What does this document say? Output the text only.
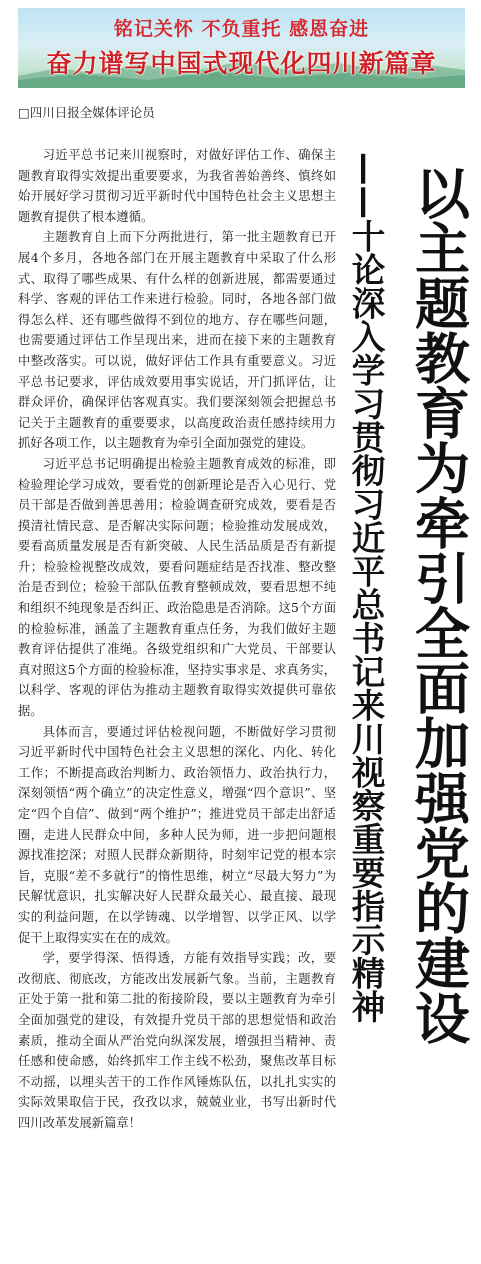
铭记关怀 不负重托 感恩奋进
奋力谱写中国式现代化四川新篇章
□四川日报全媒体评论员
以主题教育为牵引全面加强党的建设
——十论深入学习贯彻习近平总书记来川视察重要指示精神

习近平总书记来川视察时，对做好评估工作、确保主题教育取得实效提出重要要求，为我省善始善终、慎终如始开展好学习贯彻习近平新时代中国特色社会主义思想主题教育提供了根本遵循。

主题教育自上而下分两批进行，第一批主题教育已开展4个多月，各地各部门在开展主题教育中采取了什么形式、取得了哪些成果、有什么样的创新进展，都需要通过科学、客观的评估工作来进行检验。同时，各地各部门做得怎么样、还有哪些做得不到位的地方、存在哪些问题，也需要通过评估工作呈现出来，进而在接下来的主题教育中整改落实。可以说，做好评估工作具有重要意义。习近平总书记要求，评估成效要用事实说话，开门抓评估，让群众评价，确保评估客观真实。我们要深刻领会把握总书记关于主题教育的重要要求，以高度政治责任感持续用力抓好各项工作，以主题教育为牵引全面加强党的建设。

习近平总书记明确提出检验主题教育成效的标准，即检验理论学习成效，要看党的创新理论是否入心见行、党员干部是否做到善思善用；检验调查研究成效，要看是否摸清社情民意、是否解决实际问题；检验推动发展成效，要看高质量发展是否有新突破、人民生活品质是否有新提升；检验检视整改成效，要看问题症结是否找准、整改整治是否到位；检验干部队伍教育整顿成效，要看思想不纯和组织不纯现象是否纠正、政治隐患是否消除。这5个方面的检验标准，涵盖了主题教育重点任务，为我们做好主题教育评估提供了准绳。各级党组织和广大党员、干部要认真对照这5个方面的检验标准，坚持实事求是、求真务实，以科学、客观的评估为推动主题教育取得实效提供可靠依据。

具体而言，要通过评估检视问题，不断做好学习贯彻习近平新时代中国特色社会主义思想的深化、内化、转化工作；不断提高政治判断力、政治领悟力、政治执行力，深刻领悟“两个确立”的决定性意义，增强“四个意识”、坚定“四个自信”、做到“两个维护”；推进党员干部走出舒适圈，走进人民群众中间，多种人民为师，进一步把问题根源找准挖深；对照人民群众新期待，时刻牢记党的根本宗旨，克服“差不多就行”的惰性思维，树立“尽最大努力”为民解忧意识，扎实解决好人民群众最关心、最直接、最现实的利益问题，在以学铸魂、以学增智、以学正风、以学促干上取得实实在在的成效。

学，要学得深、悟得透，方能有效指导实践；改，要改彻底、彻底改，方能改出发展新气象。当前，主题教育正处于第一批和第二批的衔接阶段，要以主题教育为牵引全面加强党的建设，有效提升党员干部的思想觉悟和政治素质，推动全面从严治党向纵深发展，增强担当精神、责任感和使命感，始终抓牢工作主线不松劲，聚焦改革目标不动摇，以埋头苦干的工作作风锤炼队伍，以扎扎实实的实际效果取信于民，孜孜以求，兢兢业业，书写出新时代四川改革发展新篇章！
